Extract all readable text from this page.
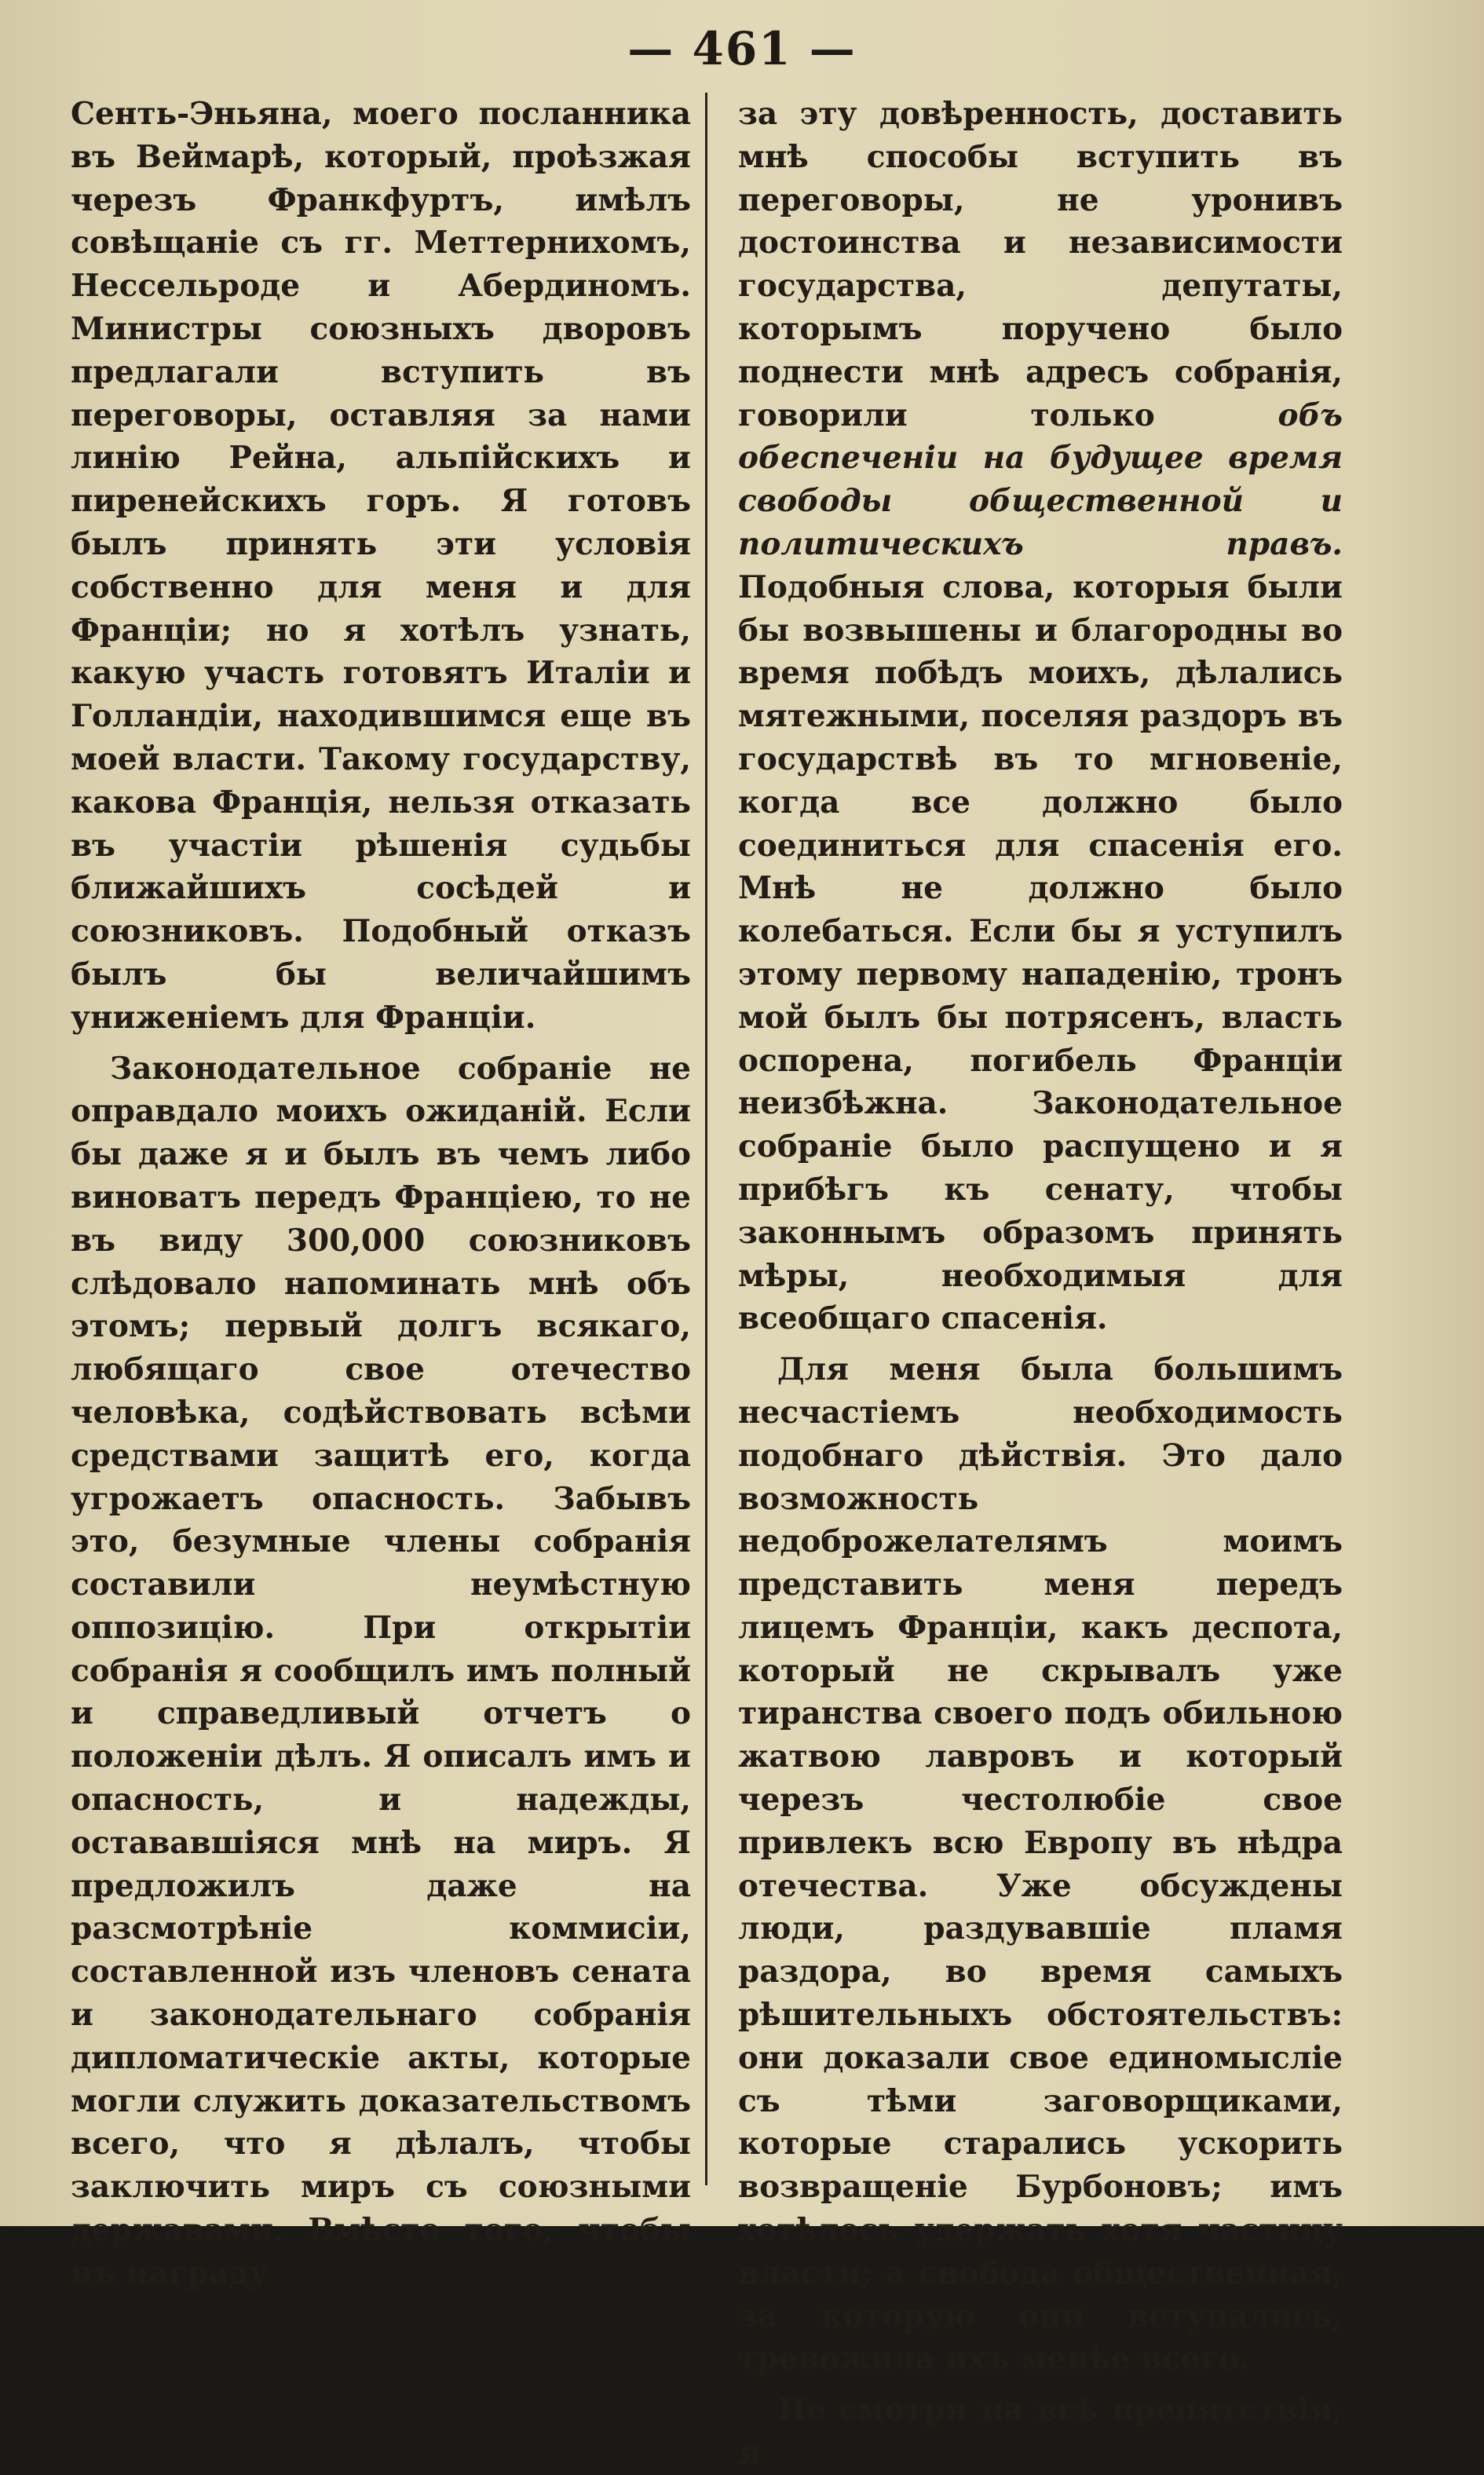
— 461 —

Сенть-Эньяна, моего посланника въ Веймарѣ, который, проѣзжая черезъ Франкфуртъ, имѣлъ совѣщаніе съ гг. Меттернихомъ, Нессельроде и Абердиномъ. Министры союзныхъ дворовъ предлагали вступить въ переговоры, оставляя за нами линію Рейна, альпійскихъ и пиренейскихъ горъ. Я готовъ былъ принять эти условія собственно для меня и для Франціи; но я хотѣлъ узнать, какую участь готовятъ Италіи и Голландіи, находившимся еще въ моей власти. Такому государству, какова Франція, нельзя отказать въ участіи рѣшенія судьбы ближайшихъ сосѣдей и союзниковъ. Подобный отказъ былъ бы величайшимъ униженіемъ для Франціи.

Законодательное собраніе не оправдало моихъ ожиданій. Если бы даже я и былъ въ чемъ либо виноватъ передъ Франціею, то не въ виду 300,000 союзниковъ слѣдовало напоминать мнѣ объ этомъ; первый долгъ всякаго, любящаго свое отечество человѣка, содѣйствовать всѣми средствами защитѣ его, когда угрожаетъ опасность. Забывъ это, безумные члены собранія составили неумѣстную оппозицію. При открытіи собранія я сообщилъ имъ полный и справедливый отчетъ о положеніи дѣлъ. Я описалъ имъ и опасность, и надежды, остававшіяся мнѣ на миръ. Я предложилъ даже на разсмотрѣніе коммисіи, составленной изъ членовъ сената и законодательнаго собранія дипломатическіе акты, которые могли служить доказательствомъ всего, что я дѣлалъ, чтобы заключить миръ съ союзными державами. Вмѣсто того, чтобы въ награду

за эту довѣренность, доставить мнѣ способы вступить въ переговоры, не уронивъ достоинства и независимости государства, депутаты, которымъ поручено было поднести мнѣ адресъ собранія, говорили только объ обеспеченіи на будущее время свободы общественной и политическихъ правъ. Подобныя слова, которыя были бы возвышены и благородны во время побѣдъ моихъ, дѣлались мятежными, поселяя раздоръ въ государствѣ въ то мгновеніе, когда все должно было соединиться для спасенія его. Мнѣ не должно было колебаться. Если бы я уступилъ этому первому нападенію, тронъ мой былъ бы потрясенъ, власть оспорена, погибель Франціи неизбѣжна. Законодательное собраніе было распущено и я прибѣгъ къ сенату, чтобы законнымъ образомъ принять мѣры, необходимыя для всеобщаго спасенія.

Для меня была большимъ несчастіемъ необходимость подобнаго дѣйствія. Это дало возможность недоброжелателямъ моимъ представить меня передъ лицемъ Франціи, какъ деспота, который не скрывалъ уже тиранства своего подъ обильною жатвою лавровъ и который черезъ честолюбіе свое привлекъ всю Европу въ нѣдра отечества. Уже обсуждены люди, раздувавшіе пламя раздора, во время самыхъ рѣшительныхъ обстоятельствъ: они доказали свое единомысліе съ тѣми заговорщиками, которые старались ускорить возвращеніе Бурбоновъ; имъ хотѣлось удержать хотя частицу власти; а свобода общественная, за которую они вступались, тревожила ихъ менѣе всего.

Не смотря на всѣ препятствія, я
